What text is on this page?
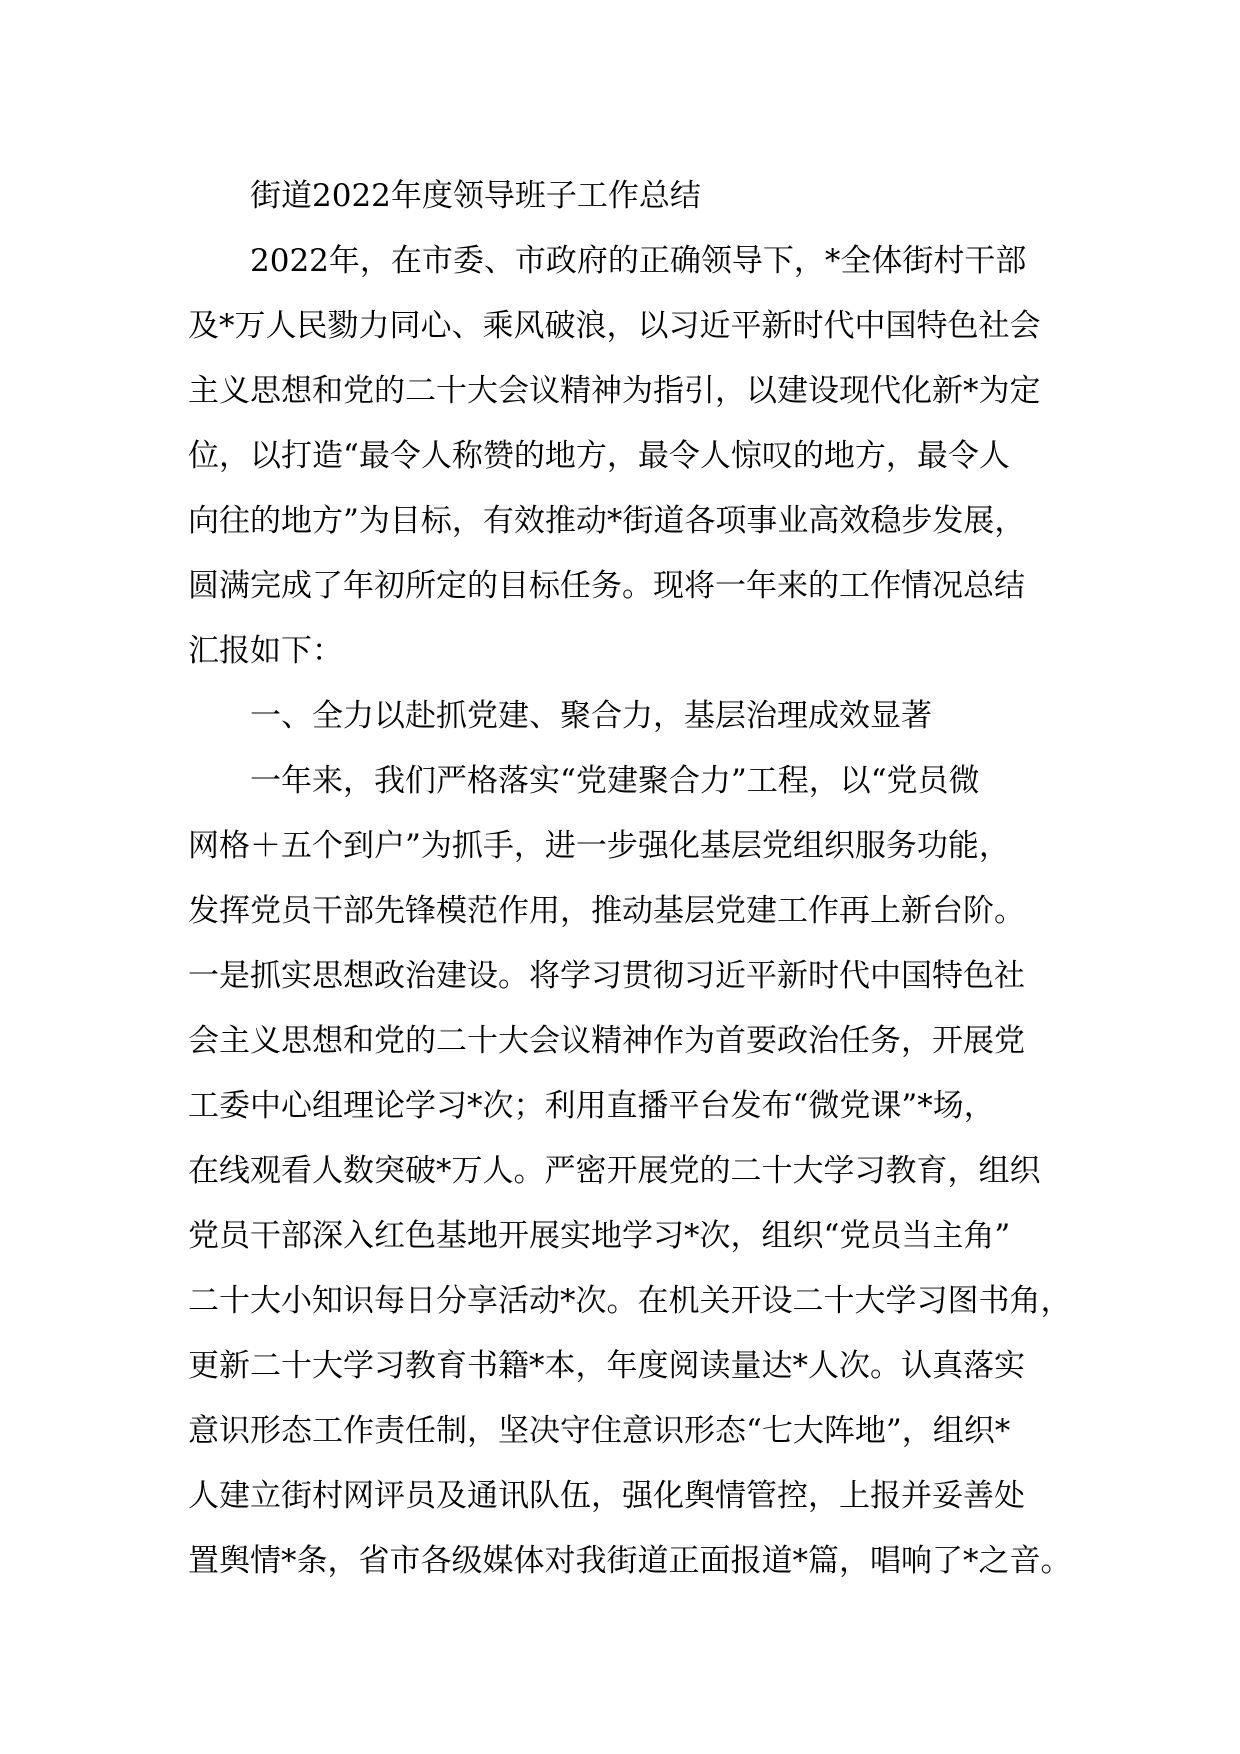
街道2022年度领导班子工作总结
2022年，在市委、市政府的正确领导下，*全体街村干部
及*万人民勠力同心、乘风破浪，以习近平新时代中国特色社会
主义思想和党的二十大会议精神为指引，以建设现代化新*为定
位，以打造“最令人称赞的地方，最令人惊叹的地方，最令人
向往的地方”为目标，有效推动*街道各项事业高效稳步发展，
圆满完成了年初所定的目标任务。现将一年来的工作情况总结
汇报如下：
一、全力以赴抓党建、聚合力，基层治理成效显著
一年来，我们严格落实“党建聚合力”工程，以“党员微
网格＋五个到户”为抓手，进一步强化基层党组织服务功能，
发挥党员干部先锋模范作用，推动基层党建工作再上新台阶。
一是抓实思想政治建设。将学习贯彻习近平新时代中国特色社
会主义思想和党的二十大会议精神作为首要政治任务，开展党
工委中心组理论学习*次；利用直播平台发布“微党课”*场，
在线观看人数突破*万人。严密开展党的二十大学习教育，组织
党员干部深入红色基地开展实地学习*次，组织“党员当主角”
二十大小知识每日分享活动*次。在机关开设二十大学习图书角，
更新二十大学习教育书籍*本，年度阅读量达*人次。认真落实
意识形态工作责任制，坚决守住意识形态“七大阵地”，组织*
人建立街村网评员及通讯队伍，强化舆情管控，上报并妥善处
置舆情*条，省市各级媒体对我街道正面报道*篇，唱响了*之音。
